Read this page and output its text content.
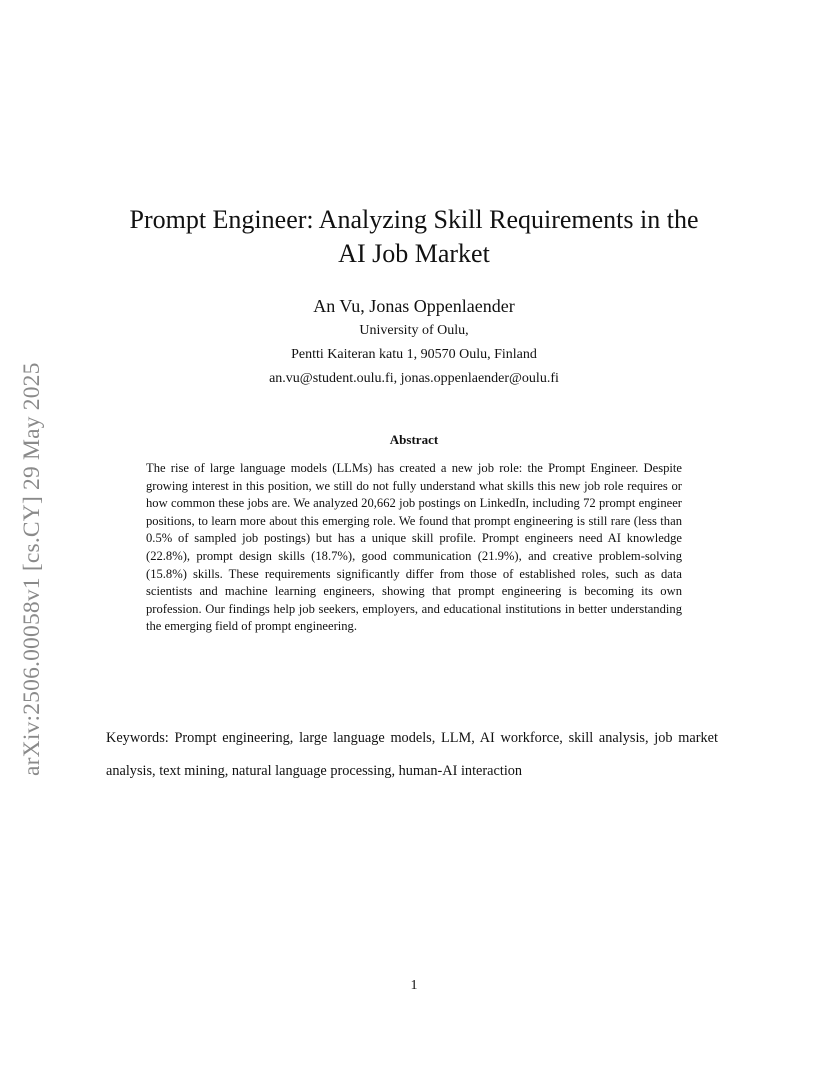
arXiv:2506.00058v1 [cs.CY] 29 May 2025
Prompt Engineer: Analyzing Skill Requirements in the
AI Job Market
An Vu, Jonas Oppenlaender
University of Oulu,
Pentti Kaiteran katu 1, 90570 Oulu, Finland
an.vu@student.oulu.fi, jonas.oppenlaender@oulu.fi
Abstract
The rise of large language models (LLMs) has created a new job role: the Prompt Engineer. Despite growing interest in this position, we still do not fully understand what skills this new job role requires or how common these jobs are. We analyzed 20,662 job postings on LinkedIn, including 72 prompt engineer positions, to learn more about this emerging role. We found that prompt engineering is still rare (less than 0.5% of sampled job postings) but has a unique skill profile. Prompt engineers need AI knowledge (22.8%), prompt design skills (18.7%), good communication (21.9%), and creative problem-solving (15.8%) skills. These requirements significantly differ from those of established roles, such as data scientists and machine learning engineers, showing that prompt engineering is becoming its own profession. Our findings help job seekers, employers, and educational institutions in better understanding the emerging field of prompt engineering.
Keywords: Prompt engineering, large language models, LLM, AI workforce, skill analysis, job market analysis, text mining, natural language processing, human-AI interaction
1
